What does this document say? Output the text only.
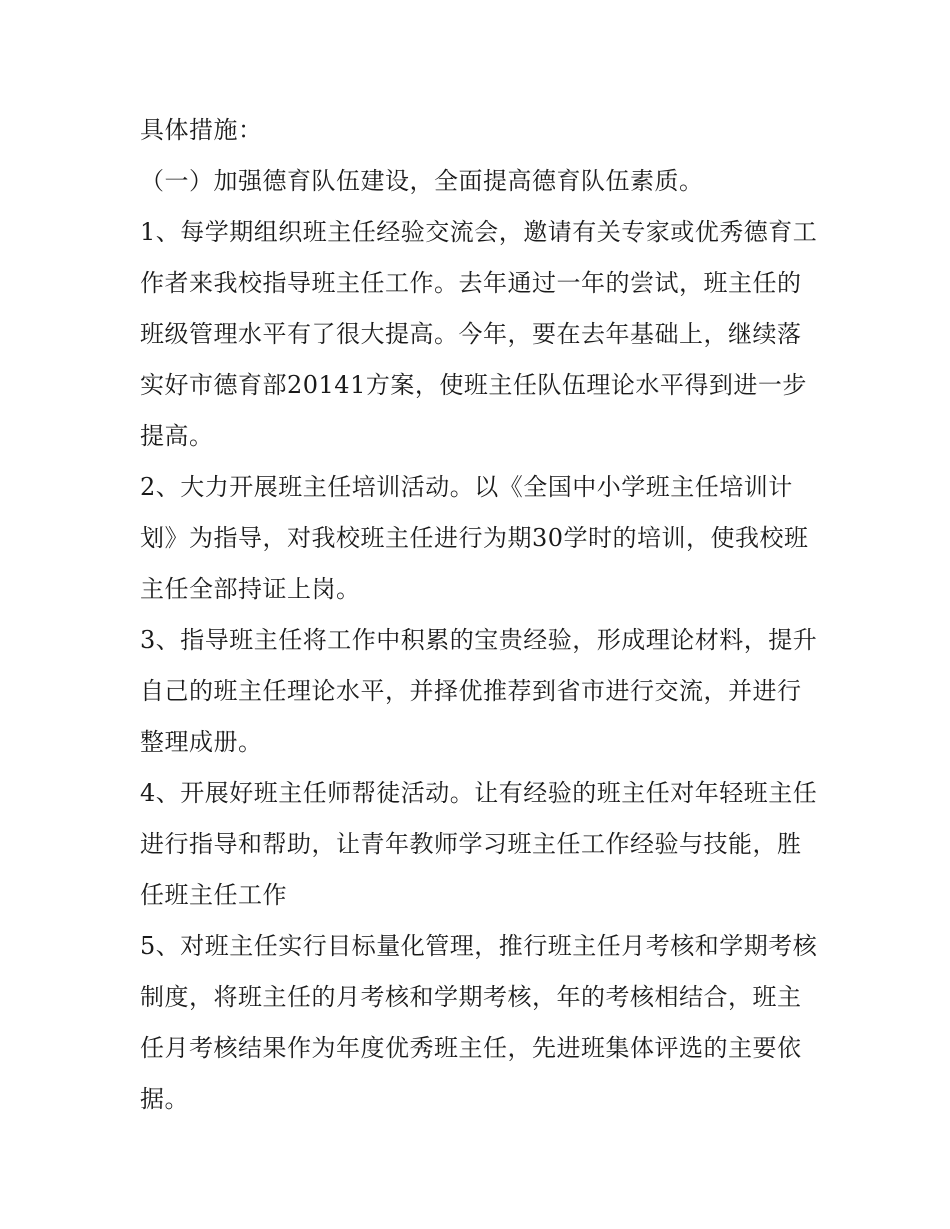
具体措施：

（一）加强德育队伍建设，全面提高德育队伍素质。

1、每学期组织班主任经验交流会，邀请有关专家或优秀德育工作者来我校指导班主任工作。去年通过一年的尝试，班主任的班级管理水平有了很大提高。今年，要在去年基础上，继续落实好市德育部20141方案，使班主任队伍理论水平得到进一步提高。

2、大力开展班主任培训活动。以《全国中小学班主任培训计划》为指导，对我校班主任进行为期30学时的培训，使我校班主任全部持证上岗。

3、指导班主任将工作中积累的宝贵经验，形成理论材料，提升自己的班主任理论水平，并择优推荐到省市进行交流，并进行整理成册。

4、开展好班主任师帮徒活动。让有经验的班主任对年轻班主任进行指导和帮助，让青年教师学习班主任工作经验与技能，胜任班主任工作

5、对班主任实行目标量化管理，推行班主任月考核和学期考核制度，将班主任的月考核和学期考核，年的考核相结合，班主任月考核结果作为年度优秀班主任，先进班集体评选的主要依据。
